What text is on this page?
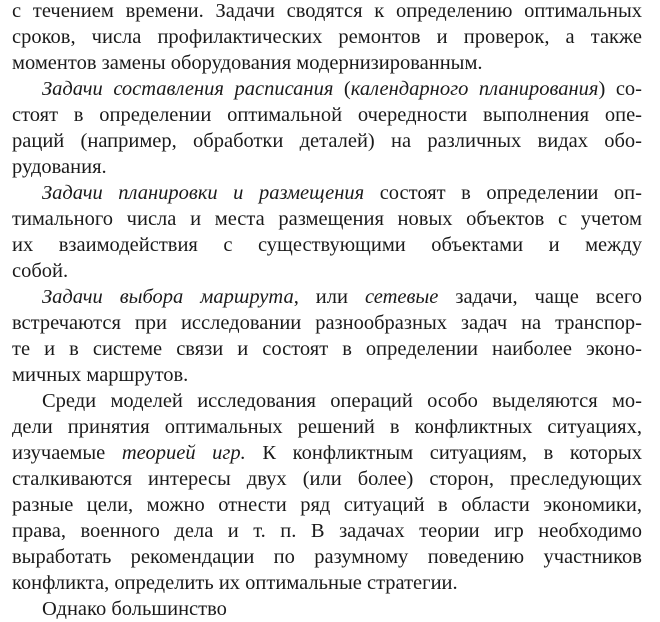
с течением времени. Задачи сводятся к определению оптимальных
сроков, числа профилактических ремонтов и проверок, а также
моментов замены оборудования модернизированным.
Задачи составления расписания (календарного планирования) со-
стоят в определении оптимальной очередности выполнения опе-
раций (например, обработки деталей) на различных видах обо-
рудования.
Задачи планировки и размещения состоят в определении оп-
тимального числа и места размещения новых объектов с учетом
их взаимодействия с существующими объектами и между
собой.
Задачи выбора маршрута, или сетевые задачи, чаще всего
встречаются при исследовании разнообразных задач на транспор-
те и в системе связи и состоят в определении наиболее эконо-
мичных маршрутов.
Среди моделей исследования операций особо выделяются мо-
дели принятия оптимальных решений в конфликтных ситуациях,
изучаемые теорией игр. К конфликтным ситуациям, в которых
сталкиваются интересы двух (или более) сторон, преследующих
разные цели, можно отнести ряд ситуаций в области экономики,
права, военного дела и т. п. В задачах теории игр необходимо
выработать рекомендации по разумному поведению участников
конфликта, определить их оптимальные стратегии.
Однако большинство
